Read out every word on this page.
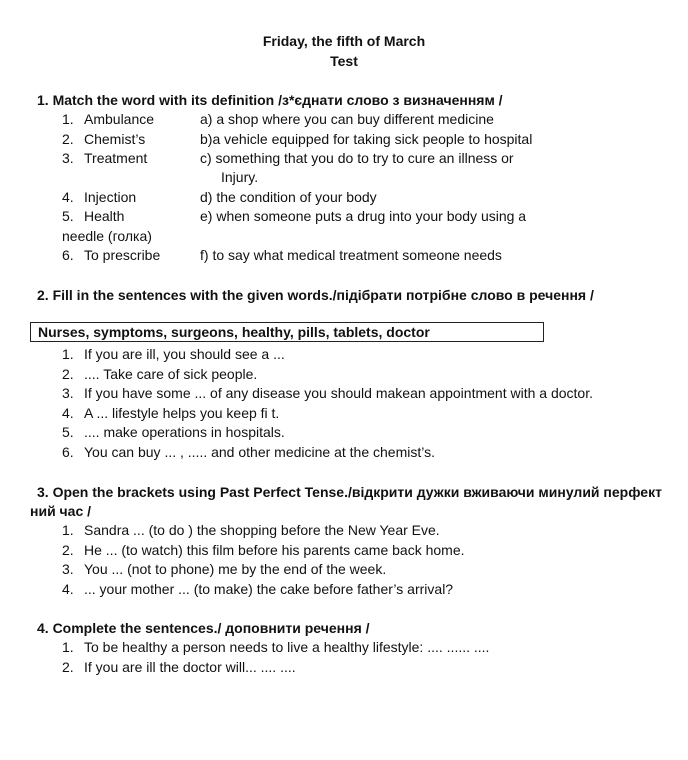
Friday, the fifth of March
Test
1. Match the word with its definition /з*єднати слово з визначенням /
1. Ambulance	a) a shop where you can buy different medicine
2. Chemist’s	b)a vehicle equipped for taking sick people to hospital
3. Treatment	c) something that you do to try to cure an illness or
Injury.
4. Injection	d) the condition of your body
5. Health	e) when someone puts a drug into your body using a
needle (голка)
6. To prescribe	f) to say what medical treatment someone needs
2. Fill in the sentences with the given words./підібрати потрібне слово в речення /
Nurses, symptoms, surgeons, healthy, pills, tablets, doctor
1. If you are ill, you should see a ...
2. .... Take care of sick people.
3. If you have some ... of any disease you should makean appointment with a doctor.
4. A ... lifestyle helps you keep fi t.
5. .... make operations in hospitals.
6. You can buy ... , ..... and other medicine at the chemist’s.
3. Open the brackets using Past Perfect Tense./відкрити дужки вживаючи минулий перфект
ний час /
1. Sandra ... (to do ) the shopping before the New Year Eve.
2. He ... (to watch) this film before his parents came back home.
3. You ... (not to phone) me by the end of the week.
4. ... your mother ... (to make) the cake before father’s arrival?
4. Complete the sentences./ доповнити речення /
1. To be healthy a person needs to live a healthy lifestyle: .... ...... ....
2. If you are ill the doctor will... .... ....
